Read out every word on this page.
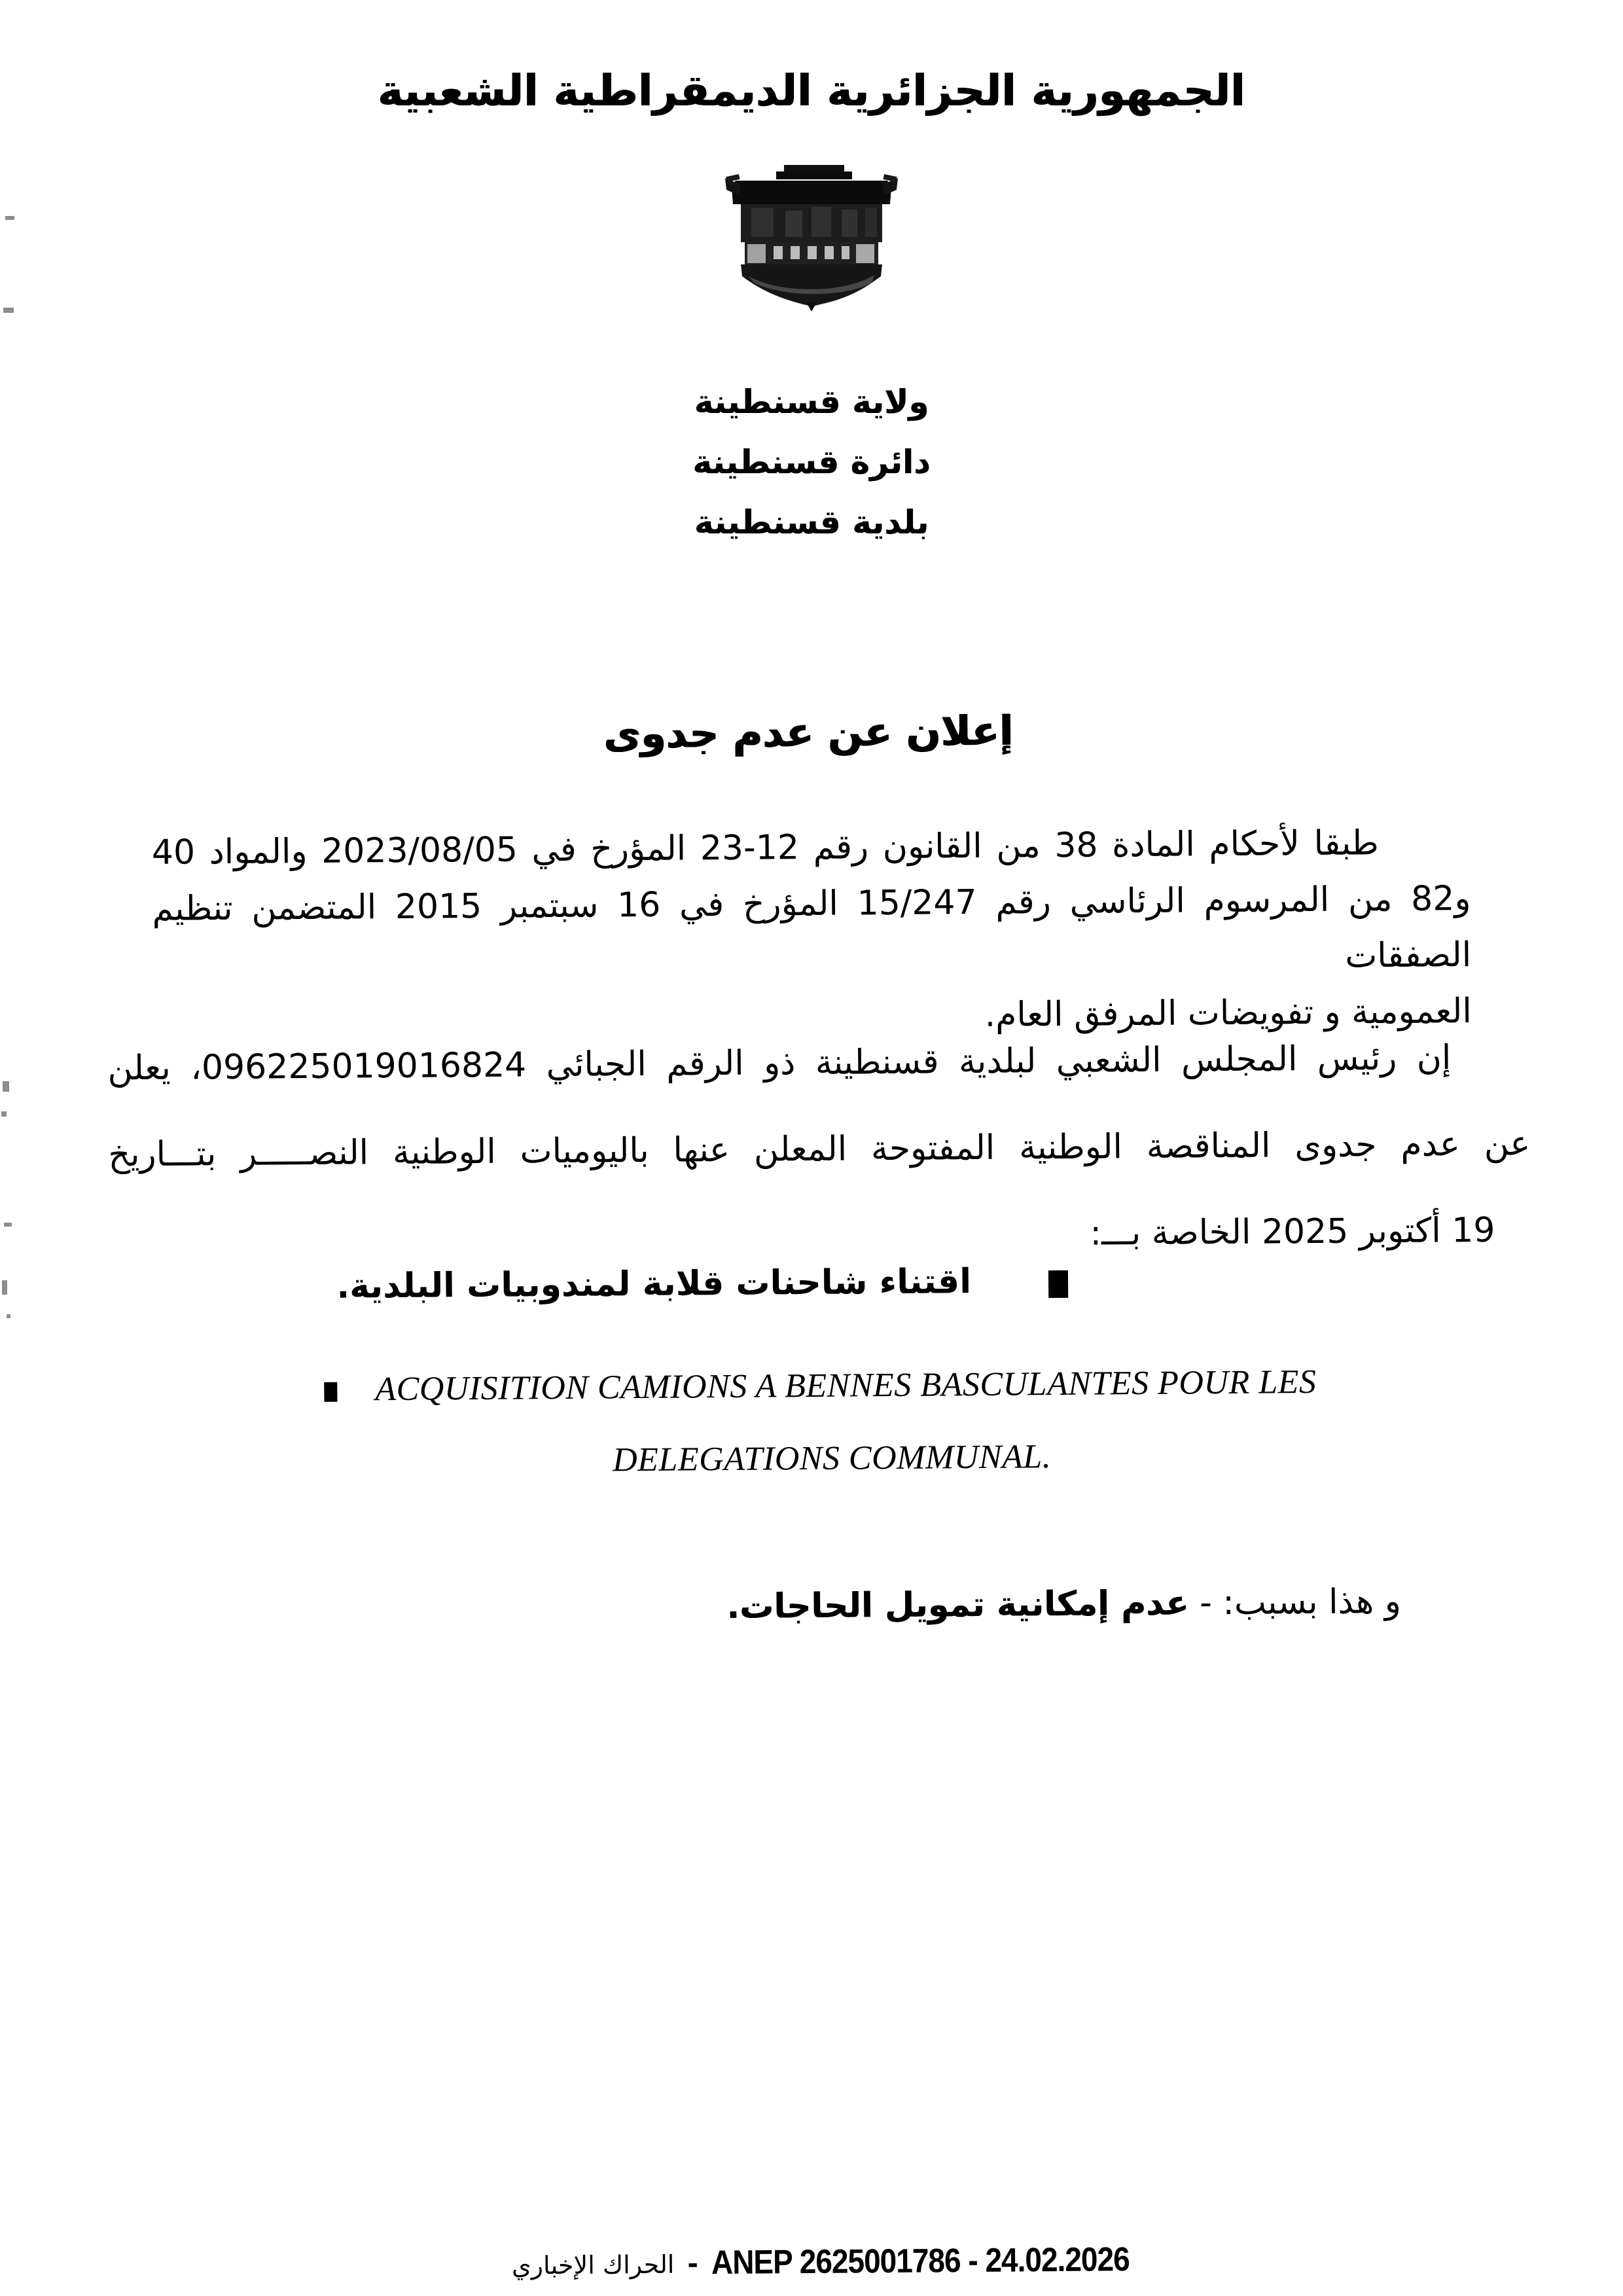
الجمهورية الجزائرية الديمقراطية الشعبية
ولاية قسنطينة
دائرة قسنطينة
بلدية قسنطينة
إعلان عن عدم جدوى
طبقا لأحكام المادة 38 من القانون رقم 12-23 المؤرخ في 2023/08/05 والمواد 40
و82 من المرسوم الرئاسي رقم 15/247 المؤرخ في 16 سبتمبر 2015 المتضمن تنظيم الصفقات
العمومية و تفويضات المرفق العام.
إن رئيس المجلس الشعبي لبلدية قسنطينة ذو الرقم الجبائي 096225019016824، يعلن
عن عدم جدوى المناقصة الوطنية المفتوحة المعلن عنها باليوميات الوطنية النصـــــر بتـــاريخ
19 أكتوبر 2025 الخاصة بـــ:
اقتناء شاحنات قلابة لمندوبيات البلدية.
ACQUISITION CAMIONS A BENNES BASCULANTES POUR LES
DELEGATIONS COMMUNAL.
و هذا بسبب: - عدم إمكانية تمويل الحاجات.
الحراك الإخباري - ANEP 2625001786 - 24.02.2026
